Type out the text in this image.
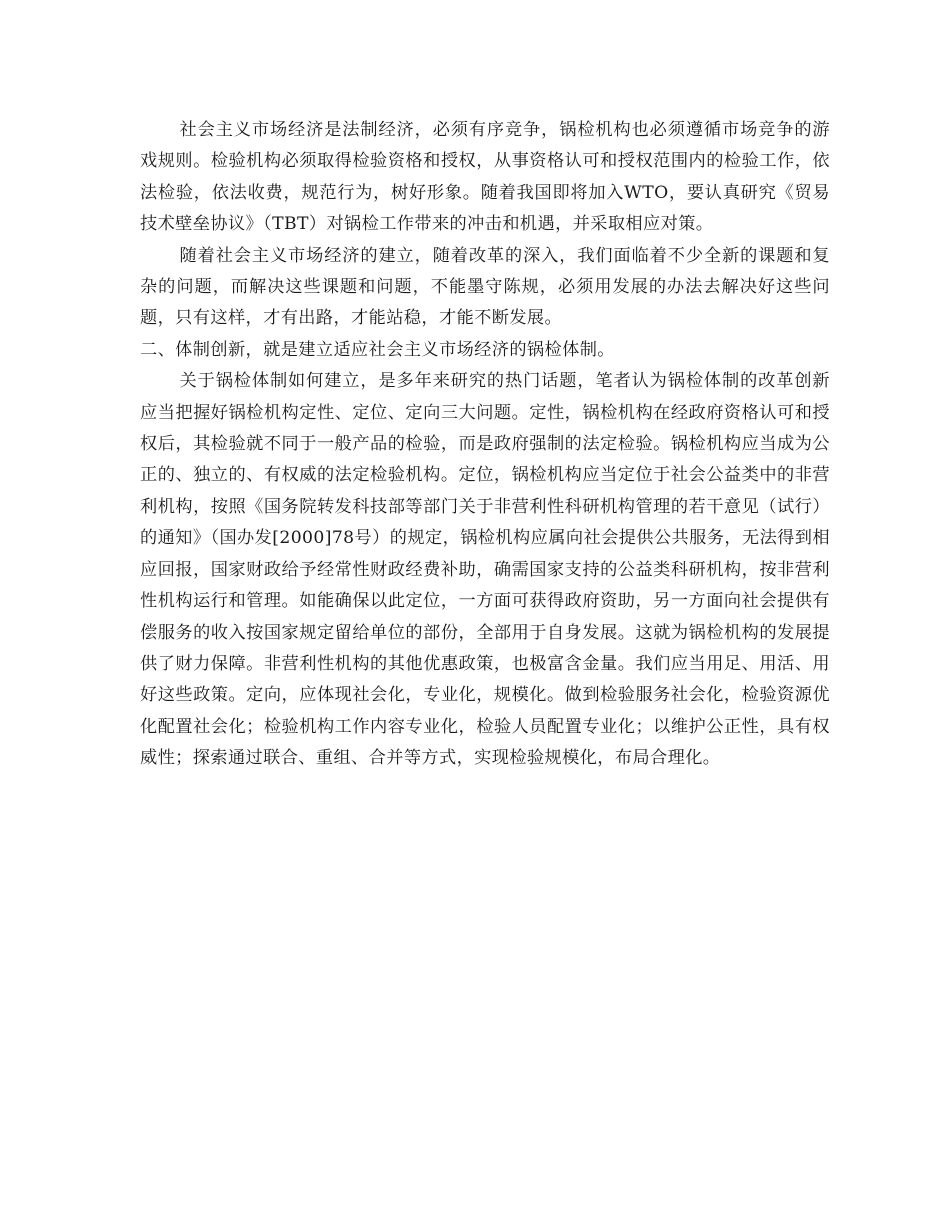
社会主义市场经济是法制经济，必须有序竞争，锅检机构也必须遵循市场竞争的游戏规则。检验机构必须取得检验资格和授权，从事资格认可和授权范围内的检验工作，依法检验，依法收费，规范行为，树好形象。随着我国即将加入WTO，要认真研究《贸易技术壁垒协议》（TBT）对锅检工作带来的冲击和机遇，并采取相应对策。

随着社会主义市场经济的建立，随着改革的深入，我们面临着不少全新的课题和复杂的问题，而解决这些课题和问题，不能墨守陈规，必须用发展的办法去解决好这些问题，只有这样，才有出路，才能站稳，才能不断发展。

二、体制创新，就是建立适应社会主义市场经济的锅检体制。

关于锅检体制如何建立，是多年来研究的热门话题，笔者认为锅检体制的改革创新应当把握好锅检机构定性、定位、定向三大问题。定性，锅检机构在经政府资格认可和授权后，其检验就不同于一般产品的检验，而是政府强制的法定检验。锅检机构应当成为公正的、独立的、有权威的法定检验机构。定位，锅检机构应当定位于社会公益类中的非营利机构，按照《国务院转发科技部等部门关于非营利性科研机构管理的若干意见（试行）的通知》（国办发[2000]78号）的规定，锅检机构应属向社会提供公共服务，无法得到相应回报，国家财政给予经常性财政经费补助，确需国家支持的公益类科研机构，按非营利性机构运行和管理。如能确保以此定位，一方面可获得政府资助，另一方面向社会提供有偿服务的收入按国家规定留给单位的部份，全部用于自身发展。这就为锅检机构的发展提供了财力保障。非营利性机构的其他优惠政策，也极富含金量。我们应当用足、用活、用好这些政策。定向，应体现社会化，专业化，规模化。做到检验服务社会化，检验资源优化配置社会化；检验机构工作内容专业化，检验人员配置专业化；以维护公正性，具有权威性；探索通过联合、重组、合并等方式，实现检验规模化，布局合理化。
